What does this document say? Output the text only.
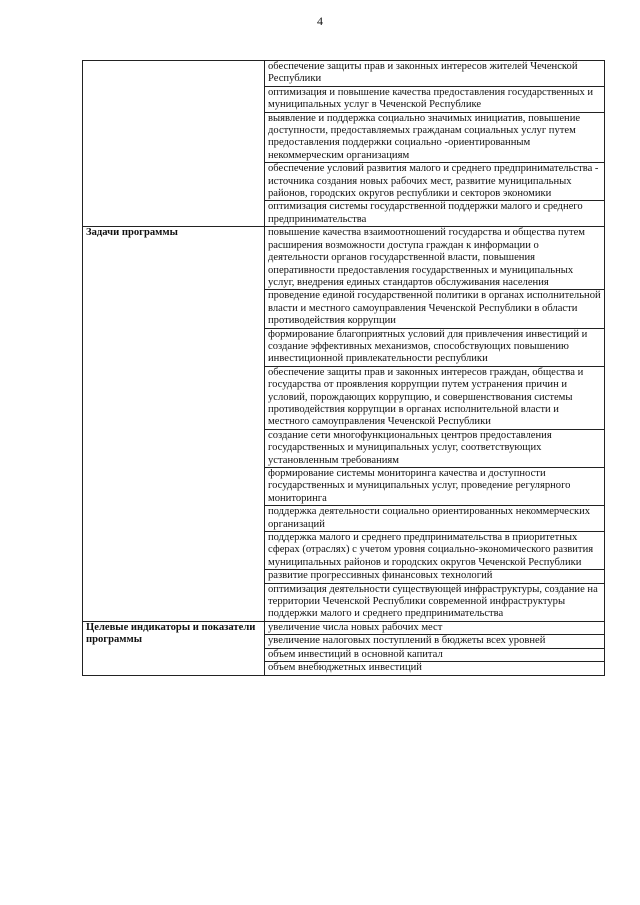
4
	обеспечение защиты прав и законных интересов жителей Чеченской Республики
	оптимизация и повышение качества предоставления государственных и муниципальных услуг в Чеченской Республике
	выявление и поддержка социально значимых инициатив, повышение доступности, предоставляемых гражданам социальных услуг путем предоставления поддержки социально -ориентированным некоммерческим организациям
	обеспечение условий развития малого и среднего предпринимательства - источника создания новых рабочих мест, развитие муниципальных районов, городских округов республики и секторов экономики
	оптимизация системы государственной поддержки малого и среднего предпринимательства
Задачи программы	повышение качества взаимоотношений государства и общества путем расширения возможности доступа граждан к информации о деятельности органов государственной власти, повышения оперативности предоставления государственных и муниципальных услуг, внедрения единых стандартов обслуживания населения
	проведение единой государственной политики в органах исполнительной власти и местного самоуправления Чеченской Республики в области противодействия коррупции
	формирование благоприятных условий для привлечения инвестиций и создание эффективных механизмов, способствующих повышению инвестиционной привлекательности республики
	обеспечение защиты прав и законных интересов граждан, общества и государства от проявления коррупции путем устранения причин и условий, порождающих коррупцию, и совершенствования системы противодействия коррупции в органах исполнительной власти и местного самоуправления Чеченской Республики
	создание сети многофункциональных центров предоставления государственных и муниципальных услуг, соответствующих установленным требованиям
	формирование системы мониторинга качества и доступности государственных и муниципальных услуг, проведение регулярного мониторинга
	поддержка деятельности социально ориентированных некоммерческих организаций
	поддержка малого и среднего предпринимательства в приоритетных сферах (отраслях) с учетом уровня социально-экономического развития муниципальных районов и городских округов Чеченской Республики
	развитие прогрессивных финансовых технологий
	оптимизация деятельности существующей инфраструктуры, создание на территории Чеченской Республики современной инфраструктуры поддержки малого и среднего предпринимательства
Целевые индикаторы и показатели программы	увеличение числа новых рабочих мест
	увеличение налоговых поступлений в бюджеты всех уровней
	объем инвестиций в основной капитал
	объем внебюджетных инвестиций
